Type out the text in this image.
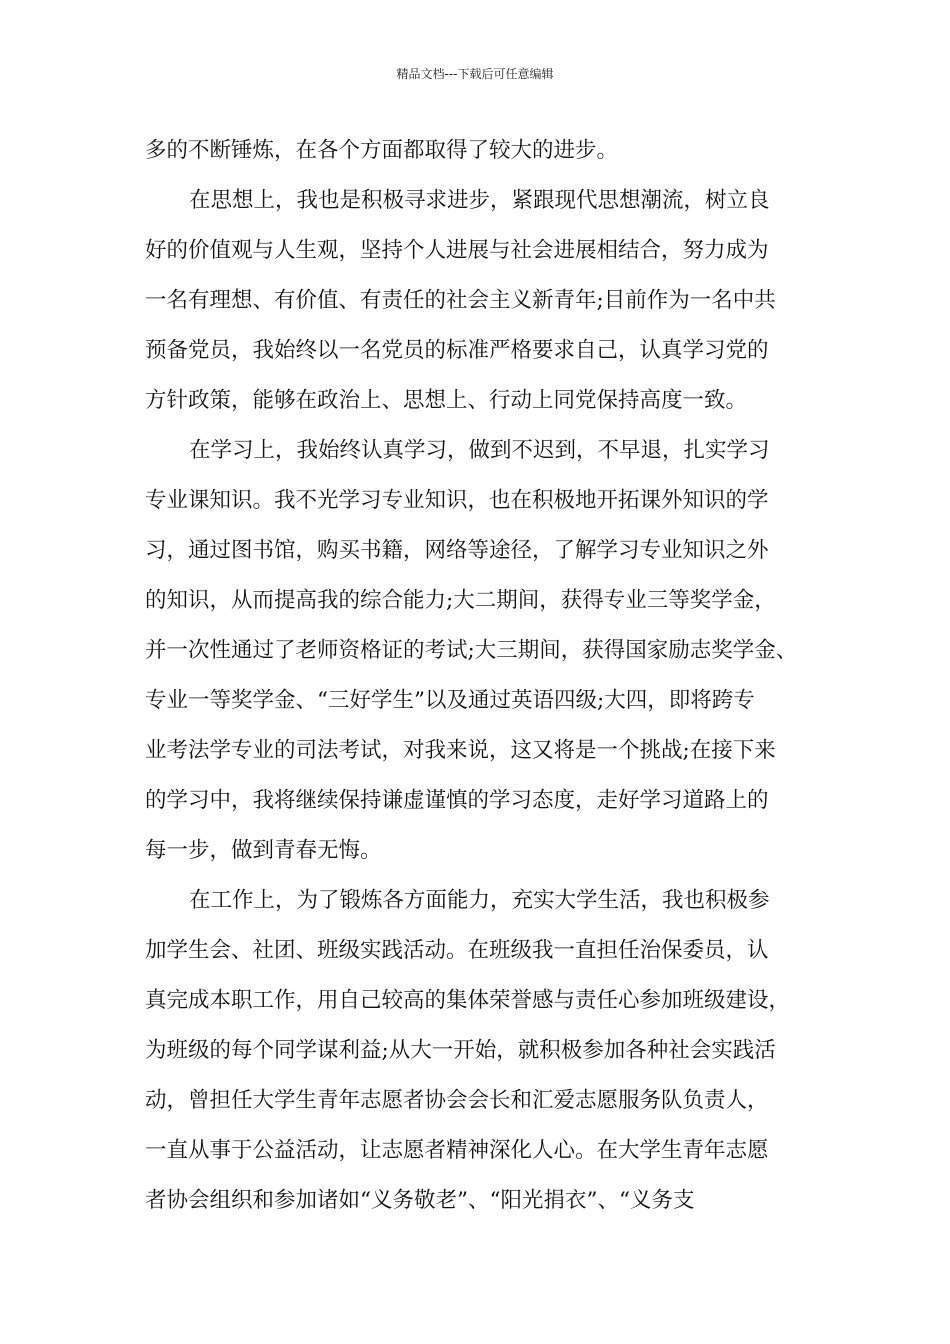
精品文档---下载后可任意编辑
多的不断锤炼，在各个方面都取得了较大的进步。
在思想上，我也是积极寻求进步，紧跟现代思想潮流，树立良
好的价值观与人生观，坚持个人进展与社会进展相结合，努力成为
一名有理想、有价值、有责任的社会主义新青年;目前作为一名中共
预备党员，我始终以一名党员的标准严格要求自己，认真学习党的
方针政策，能够在政治上、思想上、行动上同党保持高度一致。
在学习上，我始终认真学习，做到不迟到，不早退，扎实学习
专业课知识。我不光学习专业知识，也在积极地开拓课外知识的学
习，通过图书馆，购买书籍，网络等途径，了解学习专业知识之外
的知识，从而提高我的综合能力;大二期间，获得专业三等奖学金，
并一次性通过了老师资格证的考试;大三期间，获得国家励志奖学金、
专业一等奖学金、“三好学生”以及通过英语四级;大四，即将跨专
业考法学专业的司法考试，对我来说，这又将是一个挑战;在接下来
的学习中，我将继续保持谦虚谨慎的学习态度，走好学习道路上的
每一步，做到青春无悔。
在工作上，为了锻炼各方面能力，充实大学生活，我也积极参
加学生会、社团、班级实践活动。在班级我一直担任治保委员，认
真完成本职工作，用自己较高的集体荣誉感与责任心参加班级建设，
为班级的每个同学谋利益;从大一开始，就积极参加各种社会实践活
动，曾担任大学生青年志愿者协会会长和汇爱志愿服务队负责人，
一直从事于公益活动，让志愿者精神深化人心。在大学生青年志愿
者协会组织和参加诸如“义务敬老”、“阳光捐衣”、“义务支
